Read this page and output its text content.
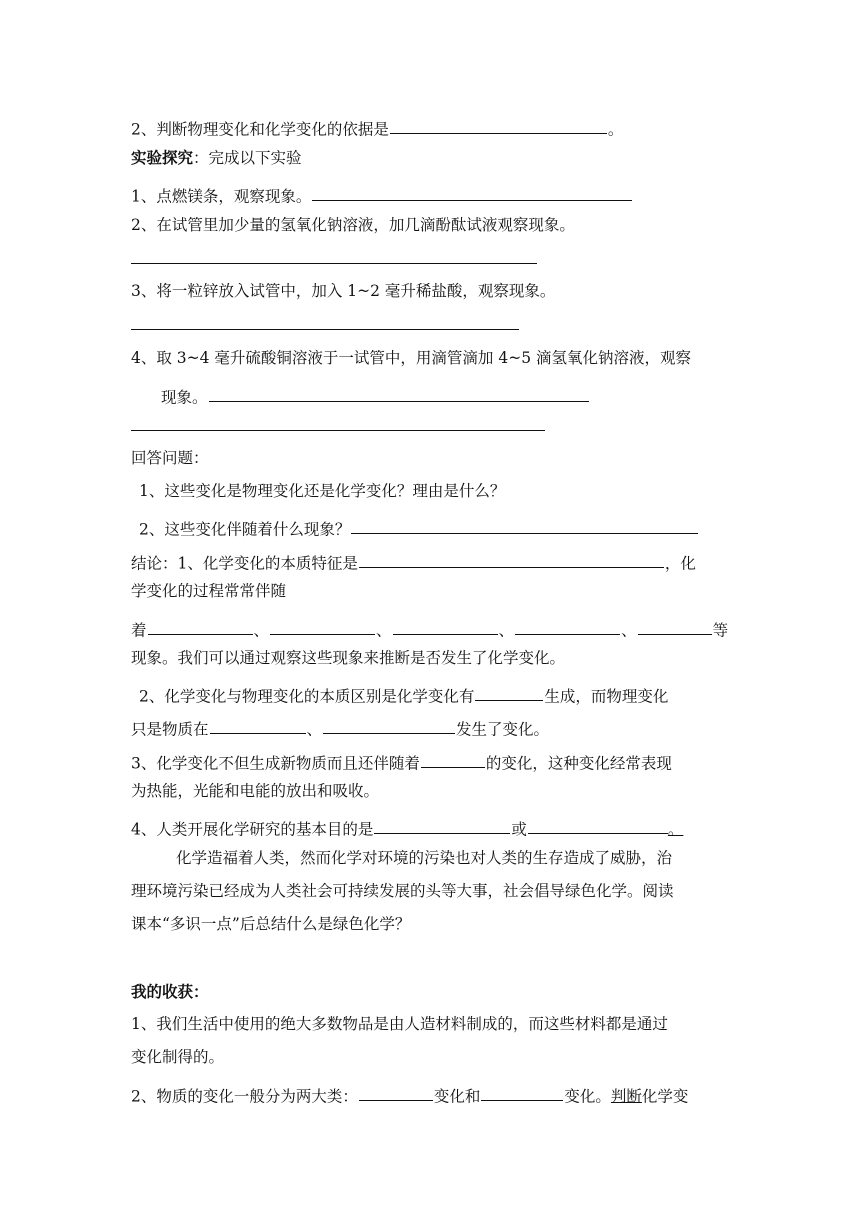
2、判断物理变化和化学变化的依据是	。
实验探究：完成以下实验
1、点燃镁条，观察现象。
2、在试管里加少量的氢氧化钠溶液，加几滴酚酞试液观察现象。
3、将一粒锌放入试管中，加入 1~2 毫升稀盐酸，观察现象。
4、取 3~4 毫升硫酸铜溶液于一试管中，用滴管滴加 4~5 滴氢氧化钠溶液，观察
现象。
回答问题：
1、这些变化是物理变化还是化学变化？理由是什么？
2、这些变化伴随着什么现象？
结论：1、化学变化的本质特征是	，化
学变化的过程常常伴随
着	、	、	、	、	等
现象。我们可以通过观察这些现象来推断是否发生了化学变化。
2、化学变化与物理变化的本质区别是化学变化有	生成，而物理变化
只是物质在	、	发生了变化。
3、化学变化不但生成新物质而且还伴随着	的变化，这种变化经常表现
为热能，光能和电能的放出和吸收。
4、人类开展化学研究的基本目的是	或	。
化学造福着人类，然而化学对环境的污染也对人类的生存造成了威胁，治
理环境污染已经成为人类社会可持续发展的头等大事，社会倡导绿色化学。阅读
课本“多识一点”后总结什么是绿色化学？
我的收获：
1、我们生活中使用的绝大多数物品是由人造材料制成的，而这些材料都是通过
变化制得的。
2、物质的变化一般分为两大类：	变化和	变化。判断化学变
